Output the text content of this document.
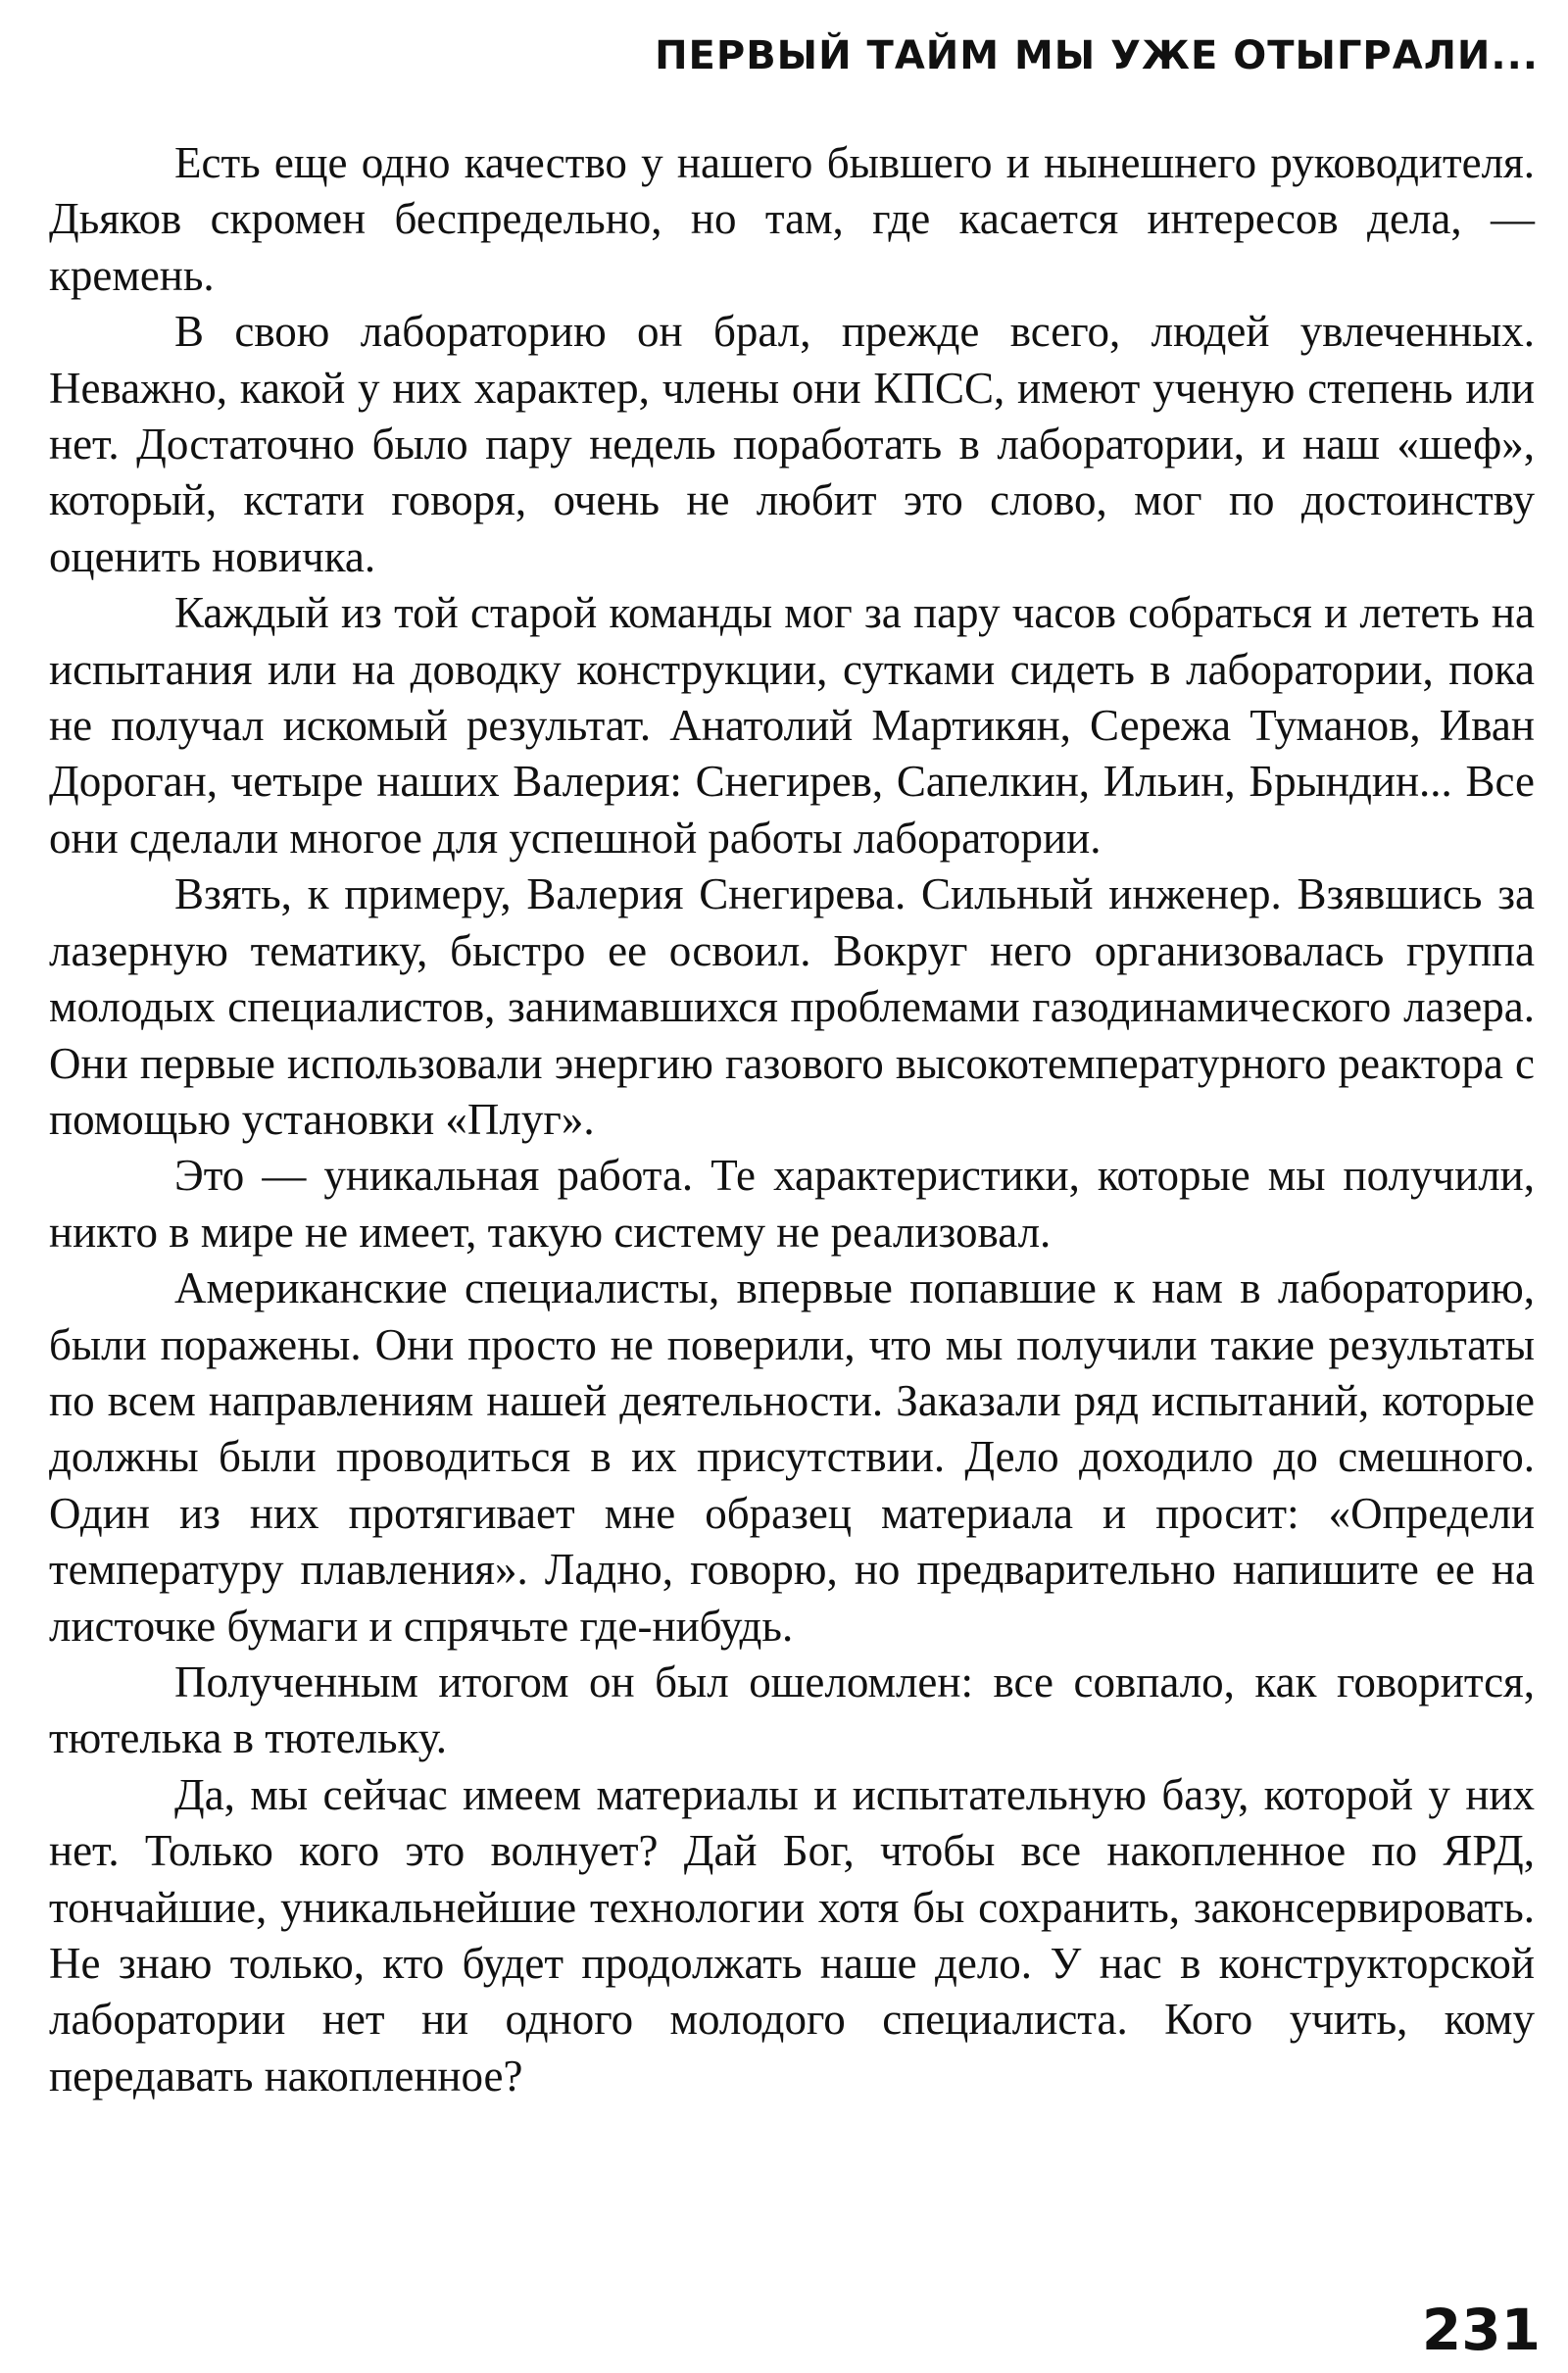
ПЕРВЫЙ ТАЙМ МЫ УЖЕ ОТЫГРАЛИ...

Есть еще одно качество у нашего бывшего и нынешнего руководителя. Дьяков скромен беспредельно, но там, где касается интересов дела, — кремень.

В свою лабораторию он брал, прежде всего, людей увлеченных. Неважно, какой у них характер, члены они КПСС, имеют ученую степень или нет. Достаточно было пару недель поработать в лаборатории, и наш «шеф», который, кстати говоря, очень не любит это слово, мог по достоинству оценить новичка.

Каждый из той старой команды мог за пару часов собраться и лететь на испытания или на доводку конструкции, сутками сидеть в лаборатории, пока не получал искомый результат. Анатолий Мартикян, Сережа Туманов, Иван Дороган, четыре наших Валерия: Снегирев, Сапелкин, Ильин, Брындин... Все они сделали многое для успешной работы лаборатории.

Взять, к примеру, Валерия Снегирева. Сильный инженер. Взявшись за лазерную тематику, быстро ее освоил. Вокруг него организовалась группа молодых специалистов, занимавшихся проблемами газодинамического лазера. Они первые использовали энергию газового высокотемпературного реактора с помощью установки «Плуг».

Это — уникальная работа. Те характеристики, которые мы получили, никто в мире не имеет, такую систему не реализовал.

Американские специалисты, впервые попавшие к нам в лабораторию, были поражены. Они просто не поверили, что мы получили такие результаты по всем направлениям нашей деятельности. Заказали ряд испытаний, которые должны были проводиться в их присутствии. Дело доходило до смешного. Один из них протягивает мне образец материала и просит: «Определи температуру плавления». Ладно, говорю, но предварительно напишите ее на листочке бумаги и спрячьте где-нибудь.

Полученным итогом он был ошеломлен: все совпало, как говорится, тютелька в тютельку.

Да, мы сейчас имеем материалы и испытательную базу, которой у них нет. Только кого это волнует? Дай Бог, чтобы все накопленное по ЯРД, тончайшие, уникальнейшие технологии хотя бы сохранить, законсервировать. Не знаю только, кто будет продолжать наше дело. У нас в конструкторской лаборатории нет ни одного молодого специалиста. Кого учить, кому передавать накопленное?

231
